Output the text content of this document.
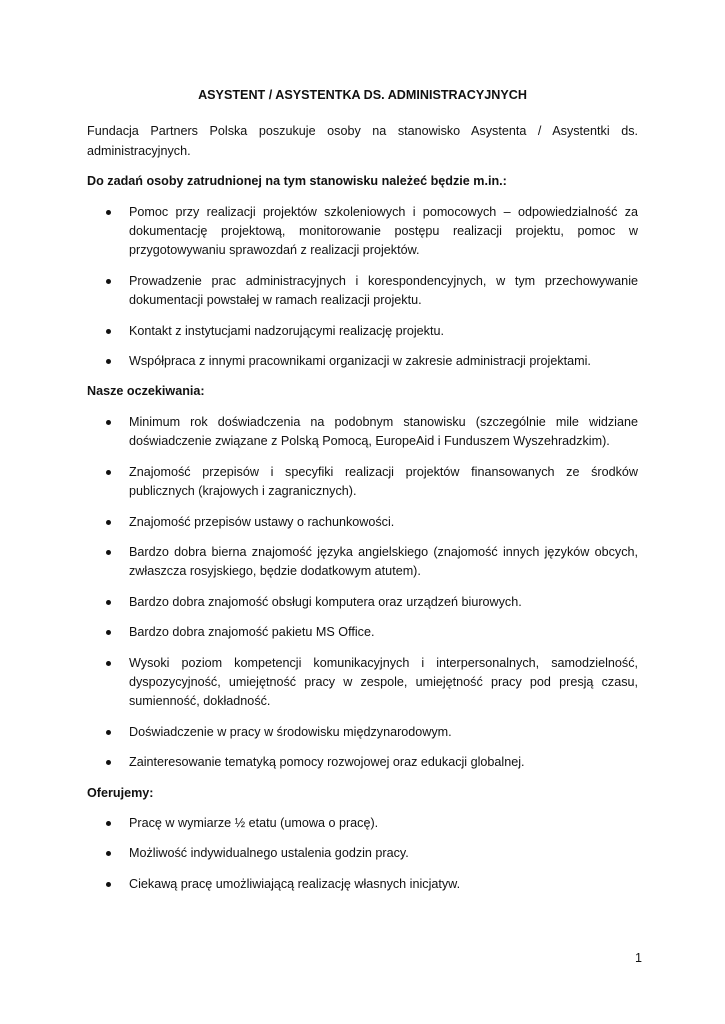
ASYSTENT / ASYSTENTKA DS. ADMINISTRACYJNYCH

Fundacja Partners Polska poszukuje osoby na stanowisko Asystenta / Asystentki ds. administracyjnych.

Do zadań osoby zatrudnionej na tym stanowisku należeć będzie m.in.:

Pomoc przy realizacji projektów szkoleniowych i pomocowych – odpowiedzialność za dokumentację projektową, monitorowanie postępu realizacji projektu, pomoc w przygotowywaniu sprawozdań z realizacji projektów.
Prowadzenie prac administracyjnych i korespondencyjnych, w tym przechowywanie dokumentacji powstałej w ramach realizacji projektu.
Kontakt z instytucjami nadzorującymi realizację projektu.
Współpraca z innymi pracownikami organizacji w zakresie administracji projektami.

Nasze oczekiwania:

Minimum rok doświadczenia na podobnym stanowisku (szczególnie mile widziane doświadczenie związane z Polską Pomocą, EuropeAid i Funduszem Wyszehradzkim).
Znajomość przepisów i specyfiki realizacji projektów finansowanych ze środków publicznych (krajowych i zagranicznych).
Znajomość przepisów ustawy o rachunkowości.
Bardzo dobra bierna znajomość języka angielskiego (znajomość innych języków obcych, zwłaszcza rosyjskiego, będzie dodatkowym atutem).
Bardzo dobra znajomość obsługi komputera oraz urządzeń biurowych.
Bardzo dobra znajomość pakietu MS Office.
Wysoki poziom kompetencji komunikacyjnych i interpersonalnych, samodzielność, dyspozycyjność, umiejętność pracy w zespole, umiejętność pracy pod presją czasu, sumienność, dokładność.
Doświadczenie w pracy w środowisku międzynarodowym.
Zainteresowanie tematyką pomocy rozwojowej oraz edukacji globalnej.

Oferujemy:

Pracę w wymiarze ½ etatu (umowa o pracę).
Możliwość indywidualnego ustalenia godzin pracy.
Ciekawą pracę umożliwiającą realizację własnych inicjatyw.
1
